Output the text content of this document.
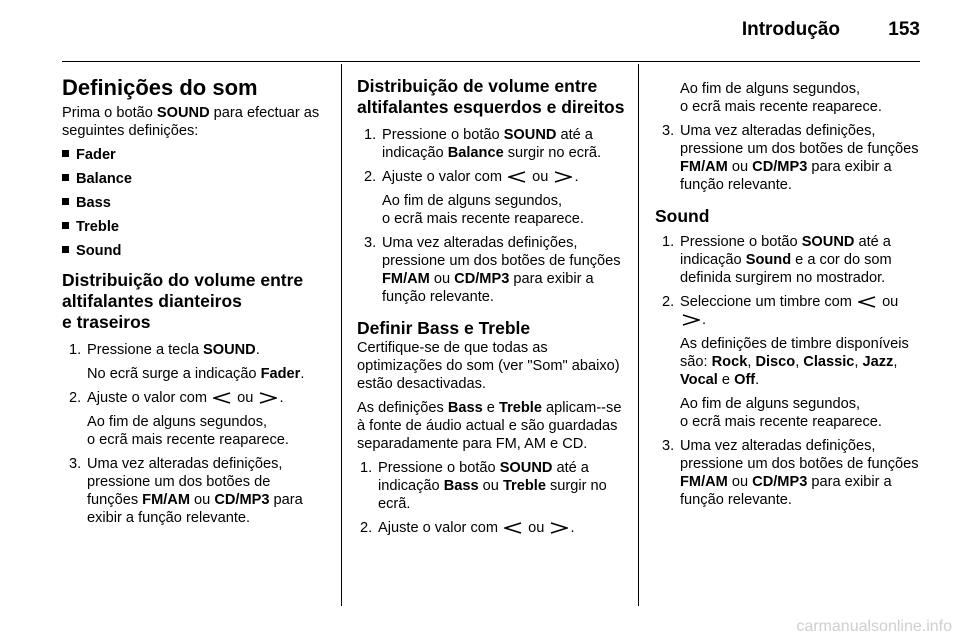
Introdução	153
Definições do som

Prima o botão SOUND para efectuar as seguintes definições:

Fader
Balance
Bass
Treble
Sound
Distribuição do volume entre
altifalantes dianteiros
e traseiros
1. Pressione a tecla SOUND.
No ecrã surge a indicação Fader.
2. Ajuste o valor com  ou .
Ao fim de alguns segundos,
o ecrã mais recente reaparece.
3. Uma vez alteradas definições, pressione um dos botões de funções FM/AM ou CD/MP3 para exibir a função relevante.
Distribuição de volume entre
altifalantes esquerdos e direitos
1. Pressione o botão SOUND até a indicação Balance surgir no ecrã.
2. Ajuste o valor com  ou .
Ao fim de alguns segundos,
o ecrã mais recente reaparece.
3. Uma vez alteradas definições, pressione um dos botões de funções FM/AM ou CD/MP3 para exibir a função relevante.
Definir Bass e Treble

Certifique-se de que todas as optimizações do som (ver "Som" abaixo) estão desactivadas.

As definições Bass e Treble aplicam--se à fonte de áudio actual e são guardadas separadamente para FM, AM e CD.

1. Pressione o botão SOUND até a indicação Bass ou Treble surgir no ecrã.
2. Ajuste o valor com  ou .

Ao fim de alguns segundos,
o ecrã mais recente reaparece.

3. Uma vez alteradas definições, pressione um dos botões de funções FM/AM ou CD/MP3 para exibir a função relevante.
Sound
1. Pressione o botão SOUND até a indicação Sound e a cor do som definida surgirem no mostrador.
2. Seleccione um timbre com  ou .
As definições de timbre disponíveis são: Rock, Disco, Classic, Jazz, Vocal e Off.
Ao fim de alguns segundos,
o ecrã mais recente reaparece.
3. Uma vez alteradas definições, pressione um dos botões de funções FM/AM ou CD/MP3 para exibir a função relevante.
carmanualsonline.info
